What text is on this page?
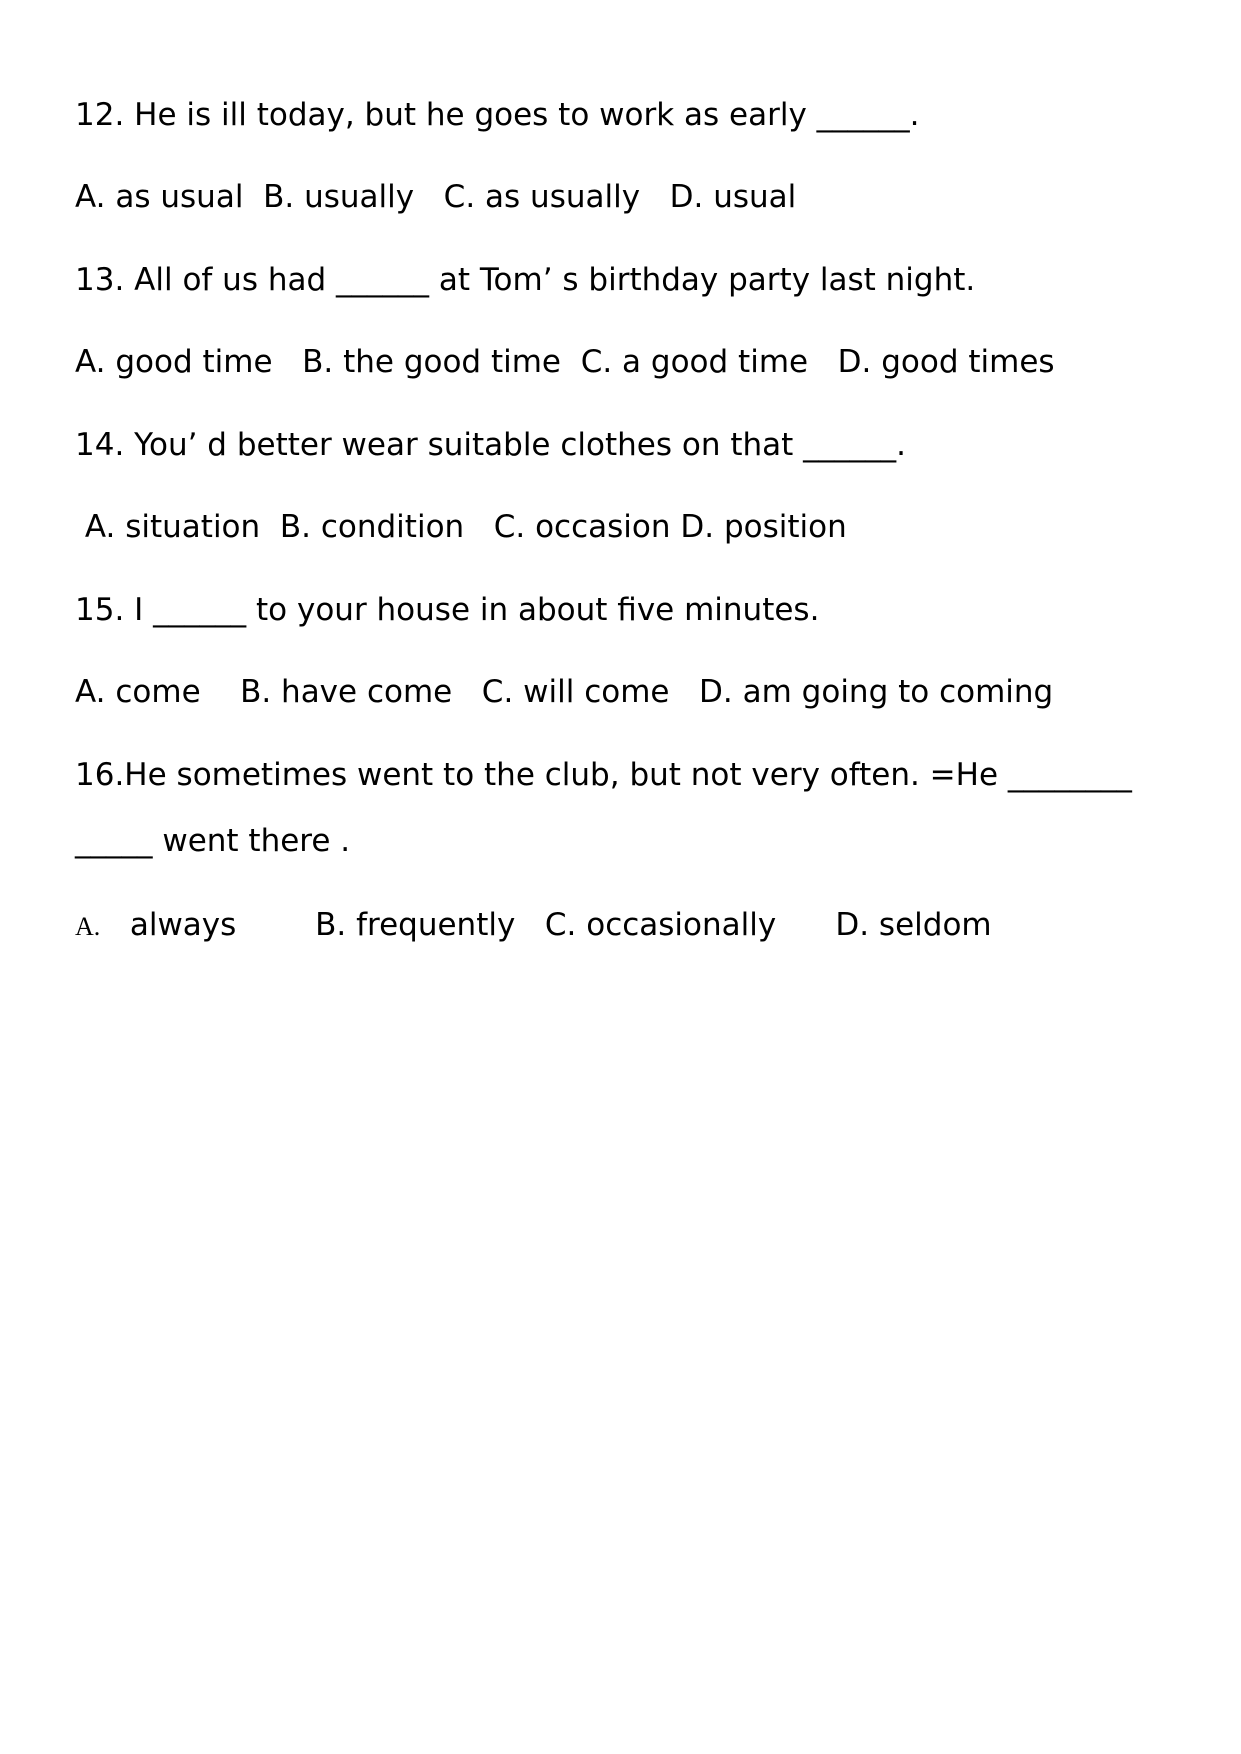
12. He is ill today, but he goes to work as early ______.

A. as usual  B. usually   C. as usually   D. usual

13. All of us had ______ at Tom’ s birthday party last night.

A. good time   B. the good time  C. a good time   D. good times

14. You’ d better wear suitable clothes on that ______.

A. situation  B. condition   C. occasion D. position

15. I ______ to your house in about five minutes.

A. come    B. have come   C. will come   D. am going to coming

16.He sometimes went to the club, but not very often. =He ________

_____ went there .

A. always        B. frequently   C. occasionally      D. seldom
